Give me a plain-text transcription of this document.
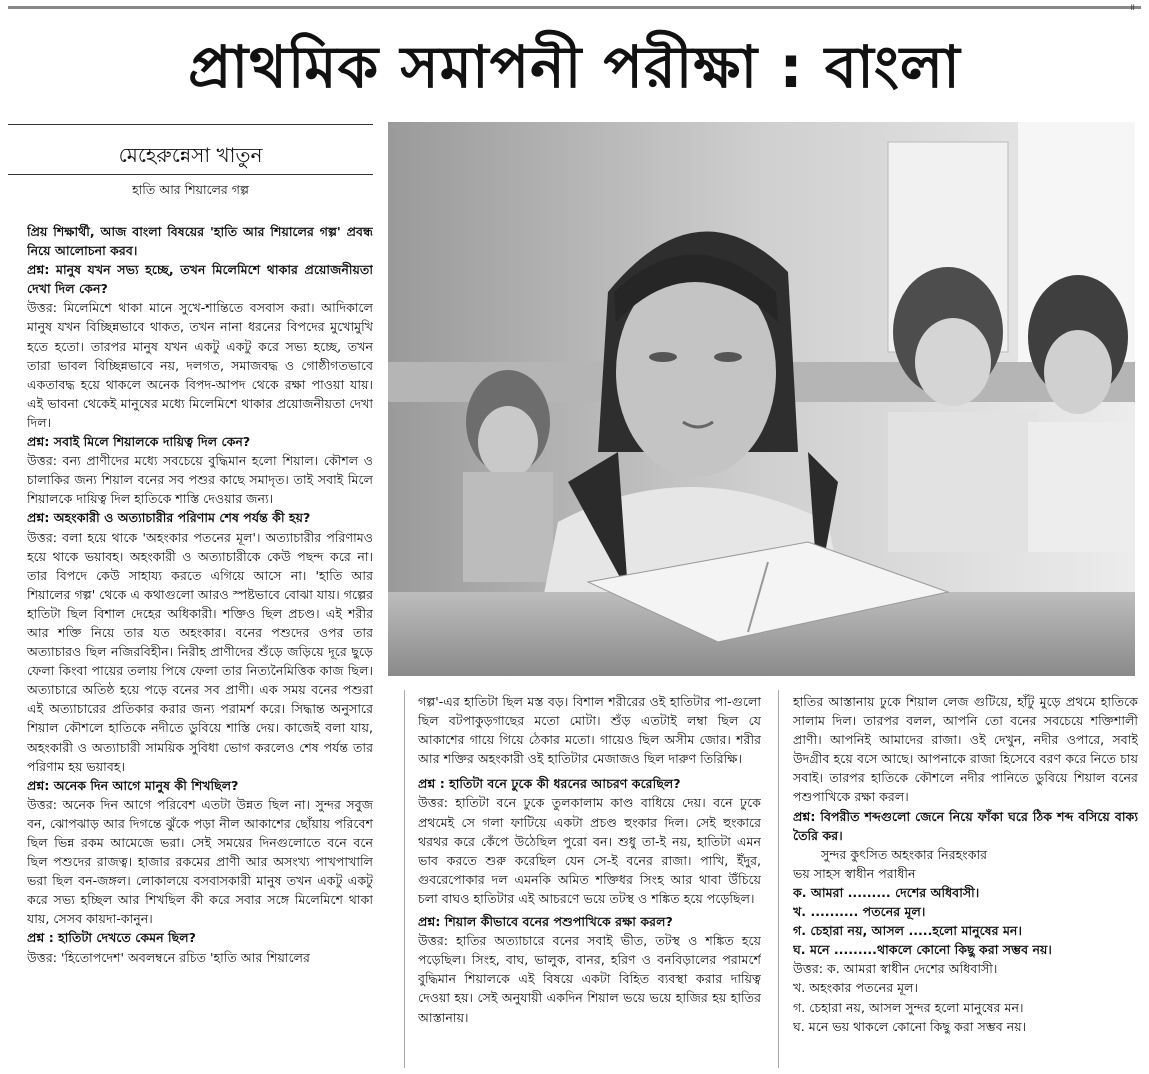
॥
প্রাথমিক সমাপনী পরীক্ষা : বাংলা
মেহেরুন্নেসা খাতুন
হাতি আর শিয়ালের গল্প

প্রিয় শিক্ষার্থী, আজ বাংলা বিষয়ের 'হাতি আর শিয়ালের গল্প' প্রবন্ধ নিয়ে আলোচনা করব।

প্রশ্ন: মানুষ যখন সভ্য হচ্ছে, তখন মিলেমিশে থাকার প্রয়োজনীয়তা দেখা দিল কেন?

উত্তর: মিলেমিশে থাকা মানে সুখে-শান্তিতে বসবাস করা। আদিকালে মানুষ যখন বিচ্ছিন্নভাবে থাকত, তখন নানা ধরনের বিপদের মুখোমুখি হতে হতো। তারপর মানুষ যখন একটু একটু করে সভ্য হচ্ছে, তখন তারা ভাবল বিচ্ছিন্নভাবে নয়, দলগত, সমাজবদ্ধ ও গোষ্ঠীগতভাবে একতাবদ্ধ হয়ে থাকলে অনেক বিপদ-আপদ থেকে রক্ষা পাওয়া যায়। এই ভাবনা থেকেই মানুষের মধ্যে মিলেমিশে থাকার প্রয়োজনীয়তা দেখা দিল।

প্রশ্ন: সবাই মিলে শিয়ালকে দায়িত্ব দিল কেন?

উত্তর: বন্য প্রাণীদের মধ্যে সবচেয়ে বুদ্ধিমান হলো শিয়াল। কৌশল ও চালাকির জন্য শিয়াল বনের সব পশুর কাছে সমাদৃত। তাই সবাই মিলে শিয়ালকে দায়িত্ব দিল হাতিকে শাস্তি দেওয়ার জন্য।

প্রশ্ন: অহংকারী ও অত্যাচারীর পরিণাম শেষ পর্যন্ত কী হয়?

উত্তর: বলা হয়ে থাকে 'অহংকার পতনের মূল'। অত্যাচারীর পরিণামও হয়ে থাকে ভয়াবহ। অহংকারী ও অত্যাচারীকে কেউ পছন্দ করে না। তার বিপদে কেউ সাহায্য করতে এগিয়ে আসে না। 'হাতি আর শিয়ালের গল্প' থেকে এ কথাগুলো আরও স্পষ্টভাবে বোঝা যায়। গল্পের হাতিটা ছিল বিশাল দেহের অধিকারী। শক্তিও ছিল প্রচণ্ড। এই শরীর আর শক্তি নিয়ে তার যত অহংকার। বনের পশুদের ওপর তার অত্যাচারও ছিল নজিরবিহীন। নিরীহ প্রাণীদের শুঁড়ে জড়িয়ে দূরে ছুড়ে ফেলা কিংবা পায়ের তলায় পিষে ফেলা তার নিত্যনৈমিত্তিক কাজ ছিল। অত্যাচারে অতিষ্ঠ হয়ে পড়ে বনের সব প্রাণী। এক সময় বনের পশুরা এই অত্যাচারের প্রতিকার করার জন্য পরামর্শ করে। সিদ্ধান্ত অনুসারে শিয়াল কৌশলে হাতিকে নদীতে ডুবিয়ে শাস্তি দেয়। কাজেই বলা যায়, অহংকারী ও অত্যাচারী সাময়িক সুবিধা ভোগ করলেও শেষ পর্যন্ত তার পরিণাম হয় ভয়াবহ।

প্রশ্ন: অনেক দিন আগে মানুষ কী শিখছিল?

উত্তর: অনেক দিন আগে পরিবেশ এতটা উন্নত ছিল না। সুন্দর সবুজ বন, ঝোপঝাড় আর দিগন্তে ঝুঁকে পড়া নীল আকাশের ছোঁয়ায় পরিবেশ ছিল ভিন্ন রকম আমেজে ভরা। সেই সময়ের দিনগুলোতে বনে বনে ছিল পশুদের রাজত্ব। হাজার রকমের প্রাণী আর অসংখ্য পাখপাখালি ভরা ছিল বন-জঙ্গল। লোকালয়ে বসবাসকারী মানুষ তখন একটু একটু করে সভ্য হচ্ছিল আর শিখছিল কী করে সবার সঙ্গে মিলেমিশে থাকা যায়, সেসব কায়দা-কানুন।

প্রশ্ন : হাতিটা দেখতে কেমন ছিল?

উত্তর: 'হিতোপদেশ' অবলম্বনে রচিত 'হাতি আর শিয়ালের

গল্প'-এর হাতিটা ছিল মস্ত বড়। বিশাল শরীরের ওই হাতিটার পা-গুলো ছিল বটপাকুড়গাছের মতো মোটা। শুঁড় এতটাই লম্বা ছিল যে আকাশের গায়ে গিয়ে ঠেকার মতো। গায়েও ছিল অসীম জোর। শরীর আর শক্তির অহংকারী ওই হাতিটার মেজাজও ছিল দারুণ তিরিক্ষি।

প্রশ্ন : হাতিটা বনে ঢুকে কী ধরনের আচরণ করেছিল?

উত্তর: হাতিটা বনে ঢুকে তুলকালাম কাণ্ড বাধিয়ে দেয়। বনে ঢুকে প্রথমেই সে গলা ফাটিয়ে একটা প্রচণ্ড হুংকার দিল। সেই হুংকারে থরথর করে কেঁপে উঠেছিল পুরো বন। শুধু তা-ই নয়, হাতিটা এমন ভাব করতে শুরু করেছিল যেন সে-ই বনের রাজা। পাখি, ইঁদুর, গুবরেপোকার দল এমনকি অমিত শক্তিধর সিংহ আর থাবা উঁচিয়ে চলা বাঘও হাতিটার এই আচরণে ভয়ে তটস্থ ও শঙ্কিত হয়ে পড়েছিল।

প্রশ্ন: শিয়াল কীভাবে বনের পশুপাখিকে রক্ষা করল?

উত্তর: হাতির অত্যাচারে বনের সবাই ভীত, তটস্থ ও শঙ্কিত হয়ে পড়েছিল। সিংহ, বাঘ, ভালুক, বানর, হরিণ ও বনবিড়ালের পরামর্শে বুদ্ধিমান শিয়ালকে এই বিষয়ে একটা বিহিত ব্যবস্থা করার দায়িত্ব দেওয়া হয়। সেই অনুযায়ী একদিন শিয়াল ভয়ে ভয়ে হাজির হয় হাতির আস্তানায়।

হাতির আস্তানায় ঢুকে শিয়াল লেজ গুটিয়ে, হাঁটু মুড়ে প্রথমে হাতিকে সালাম দিল। তারপর বলল, আপনি তো বনের সবচেয়ে শক্তিশালী প্রাণী। আপনিই আমাদের রাজা। ওই দেখুন, নদীর ওপারে, সবাই উদগ্রীব হয়ে বসে আছে। আপনাকে রাজা হিসেবে বরণ করে নিতে চায় সবাই। তারপর হাতিকে কৌশলে নদীর পানিতে ডুবিয়ে শিয়াল বনের পশুপাখিকে রক্ষা করল।

প্রশ্ন: বিপরীত শব্দগুলো জেনে নিয়ে ফাঁকা ঘরে ঠিক শব্দ বসিয়ে বাক্য তৈরি কর।

সুন্দর কুৎসিত অহংকার নিরহংকার

ভয় সাহস স্বাধীন পরাধীন

ক. আমরা ......... দেশের অধিবাসী।

খ. .......... পতনের মূল।

গ. চেহারা নয়, আসল .....হলো মানুষের মন।

ঘ. মনে .........থাকলে কোনো কিছু করা সম্ভব নয়।

উত্তর: ক. আমরা স্বাধীন দেশের অধিবাসী।

খ. অহংকার পতনের মূল।

গ. চেহারা নয়, আসল সুন্দর হলো মানুষের মন।

ঘ. মনে ভয় থাকলে কোনো কিছু করা সম্ভব নয়।
